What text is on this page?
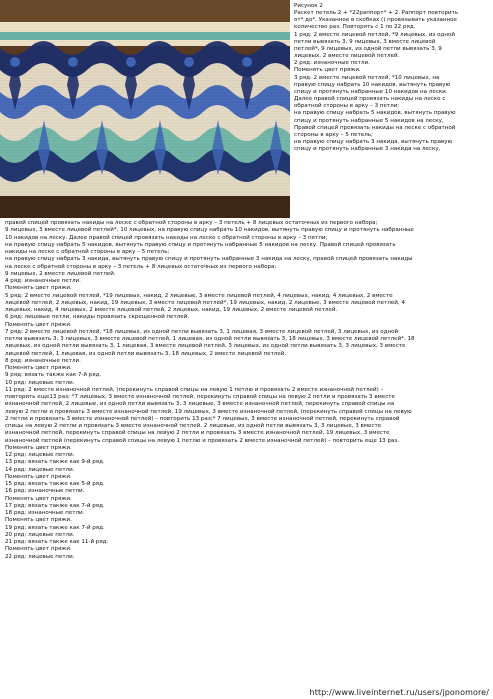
Рисунок 2
Раскет петель 2 + *22раппорт* + 2. Раппорт повторить
от* до*. Указанное в скобках () провязывать указанное
количество раз. Повторять с 1 по 22 ряд.
1 ряд: 2 вместе лицевой петлей, *9 лицевых, из одной
петли вывязать 3, 9 лицевых, 3 вместе лицевой
петлей*, 9 лицевых, из одной петли вывязать 3, 9
лицевых, 2 вместе лицевой петлей.
2 ряд: изнаночные петли.
Поменять цвет пряжи.
3 ряд: 2 вместе лицевой петлей, *10 лицевых, на
правую спицу набрать 10 накидов, вытянуть правую
спицу и протянуть набранные 10 накидов на лески.
Далее правой спицей провязать накиды на леске с
обратной стороны в арку – 3 петли;
на правую спицу набрать 5 накидов, вытянуть правую
спицу и протянуть набранные 5 накидов на леску,
Правой спицей провязать накиды на леске с обратной
стороны в арку – 5 петель;
на правую спицу набрать 3 накида, вытянуть правую
спицу и протянуть набранные 3 накида на леску,
правой спицей провязать накиды на леске с обратной стороны в арку – 3 петель + 8 лицевых остаточных из первого набора;
9 лицевых, 3 вместе лицевой петлей*, 10 лицевых, на правую спицу набрать 10 накидов, вытянуть правую спицу и протянуть набранные
10 накидов на леску. Далее правой спицей провязать накиды на леске с обратной стороны в арку – 3 петли;
на правую спицу набрать 5 накидов, вытянуть правую спицу и протянуть набранные 5 накидов на леску. Правой спицей провязать
накиды на леске с обратной стороны в арку – 5 петель;
на правую спицу набрать 3 накида, вытянуть правую спицу и протянуть набранные 3 накида на леску, правой спицей провязать накиды
на леске с обратной стороны в арку – 3 петель + 8 лицевых остаточных из первого набора;
9 лицевых, 2 вместе лицевой петлей.
4 ряд: изнаночные петли.
Поменять цвет пряжи.
5 ряд: 2 вместе лицевой петлей, *19 лицевых, накид, 2 лицевые, 3 вместе лицевой петлей, 4 лицевых, накид, 4 лицевых, 2 вместе
лицевой петлей, 2 лицевых, накид, 19 лицевых, 3 вместе лицевой петлей*, 19 лицевых, накид, 2 лицевые, 3 вместе лицевой петлей, 4
лицевых, накид, 4 лицевых, 2 вместе лицевой петлей, 2 лицевых, накид, 19 лицевых, 2 вместе лицевой петлей.
6 ряд: лицевые петли, накиды провязать скрещенной петлей.
Поменять цвет пряжи.
7 ряд: 2 вместе лицевой петлей, *18 лицевых, из одной петли вывязать 3, 1 лицевая, 3 вместе лицевой петлей, 3 лицевых, из одной
петли вывязать 3, 3 лицевых, 3 вместе лицевой петлей, 1 лицевая, из одной петли вывязать 3, 18 лицевых, 3 вместе лицевой петлей*, 18
лицевых, из одной петли вывязать 3, 1 лицевая, 3 вместе лицевой петлей, 3 лицевых, из одной петли вывязать 3, 3 лицевых, 3 вместе
лицевой петлей, 1 лицевая, из одной петли вывязать 3, 18 лицевых, 2 вместе лицевой петлей.
8 ряд: изнаночные петли.
Поменять цвет пряжи.
9 ряд: вязать также как 7-й ряд.
10 ряд: лицевые петли.
11 ряд: 2 вместе изнаночной петлей, (перекинуть справой спицы на левую 1 петлю и провязать 2 вместе изнаночной петлей) –
повторить еще13 раз; *7 лицевых, 3 вместе изнаночной петлей, перекинуть справой спицы на левую 2 петли и провязать 3 вместе
изнаночной петлей, 2 лицевые, из одной петли вывязать 3, 3 лицевые, 3 вместе изнаночной петлей, перекинуть справой спицы на
левую 2 петли и провязать 3 вместе изнаночной петлей, 19 лицевых, 3 вместе изнаночной петлей, (перекинуть справой спицы на левую
2 петли и провязать 3 вместе изнаночной петлей) – повторить 13 раз;* 7 лицевых, 3 вместе изнаночной петлей, перекинуть справой
спицы на левую 2 петли и провязать 3 вместе изнаночной петлей, 2 лицевые, из одной петли вывязать 3, 3 лицевые, 3 вместе
изнаночной петлей, перекинуть справой спицы на левую 2 петли и провязать 3 вместе изнаночной петлей, 19 лицевых, 3 вместе
изнаночной петлей (перекинуть справой спицы на левую 1 петлю и провязать 2 вместе изнаночной петлей) – повторить еще 13 раз.
Поменять цвет пряжи.
12 ряд: лицевые петли.
13 ряд: вязать также как 9-й ряд.
14 ряд: лицевые петли.
Поменять цвет пряжи.
15 ряд: вязать также как 5-й ряд.
16 ряд: изнаночные петли.
Поменять цвет пряжи.
17 ряд: вязать также как 7-й ряд.
18 ряд: изнаночные петли.
Поменять цвет пряжи.
19 ряд: вязать также как 7-й ряд.
20 ряд: лицевые петли.
21 ряд: вязать также как 11-й ряд.
Поменять цвет пряжи.
22 ряд: лицевые петли.
http://www.liveinternet.ru/users/jponomore/
